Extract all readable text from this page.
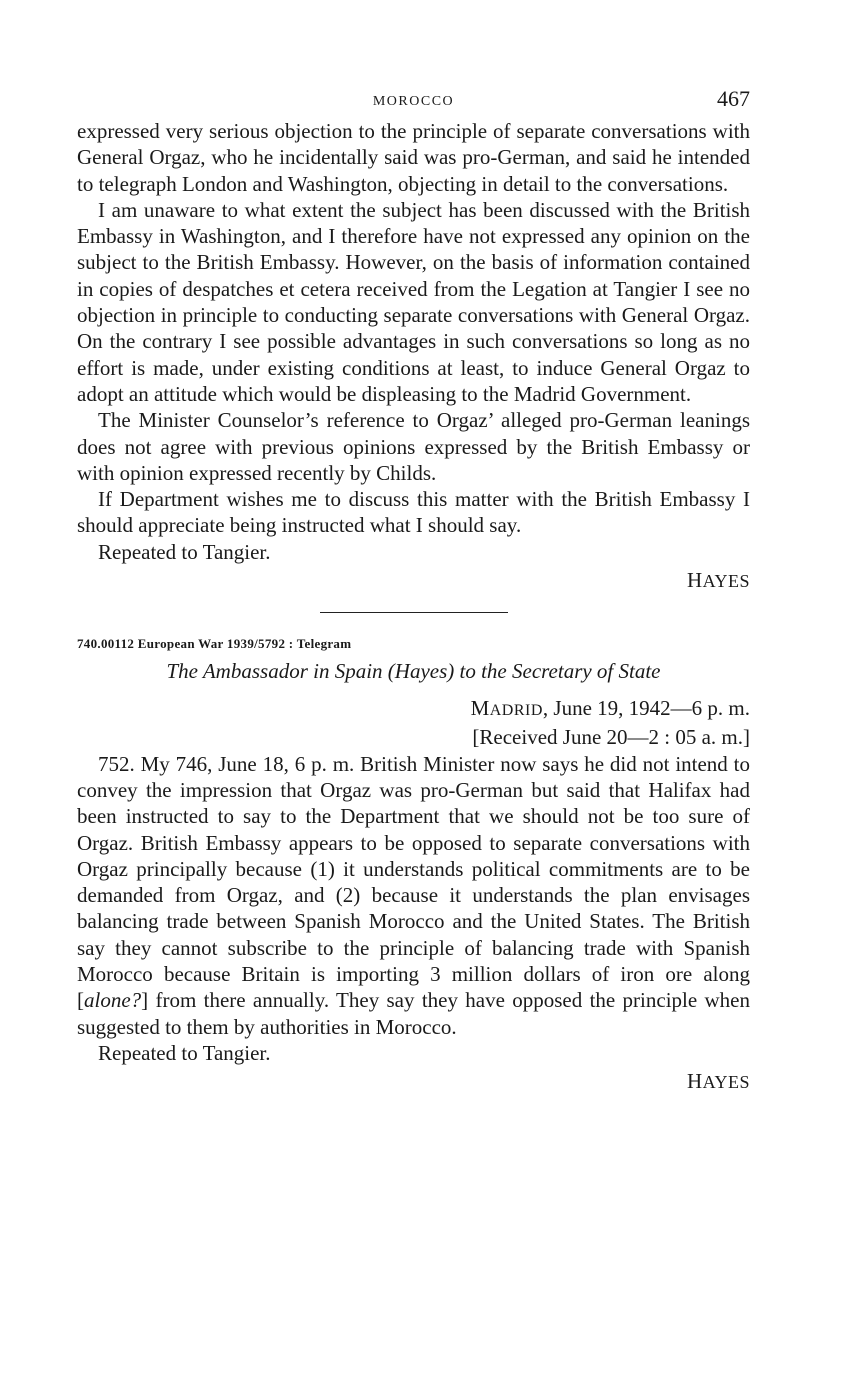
MOROCCO	467

expressed very serious objection to the principle of separate conversations with General Orgaz, who he incidentally said was pro-German, and said he intended to telegraph London and Washington, objecting in detail to the conversations.

I am unaware to what extent the subject has been discussed with the British Embassy in Washington, and I therefore have not expressed any opinion on the subject to the British Embassy. However, on the basis of information contained in copies of despatches et cetera received from the Legation at Tangier I see no objection in principle to conducting separate conversations with General Orgaz. On the contrary I see possible advantages in such conversations so long as no effort is made, under existing conditions at least, to induce General Orgaz to adopt an attitude which would be displeasing to the Madrid Government.

The Minister Counselor’s reference to Orgaz’ alleged pro-German leanings does not agree with previous opinions expressed by the British Embassy or with opinion expressed recently by Childs.

If Department wishes me to discuss this matter with the British Embassy I should appreciate being instructed what I should say.

Repeated to Tangier.

HAYES
740.00112 European War 1939/5792 : Telegram
The Ambassador in Spain (Hayes) to the Secretary of State
MADRID, June 19, 1942—6 p. m.
[Received June 20—2 : 05 a. m.]

752. My 746, June 18, 6 p. m. British Minister now says he did not intend to convey the impression that Orgaz was pro-German but said that Halifax had been instructed to say to the Department that we should not be too sure of Orgaz. British Embassy appears to be opposed to separate conversations with Orgaz principally because (1) it understands political commitments are to be demanded from Orgaz, and (2) because it understands the plan envisages balancing trade between Spanish Morocco and the United States. The British say they cannot subscribe to the principle of balancing trade with Spanish Morocco because Britain is importing 3 million dollars of iron ore along [alone?] from there annually. They say they have opposed the principle when suggested to them by authorities in Morocco.

Repeated to Tangier.

HAYES
